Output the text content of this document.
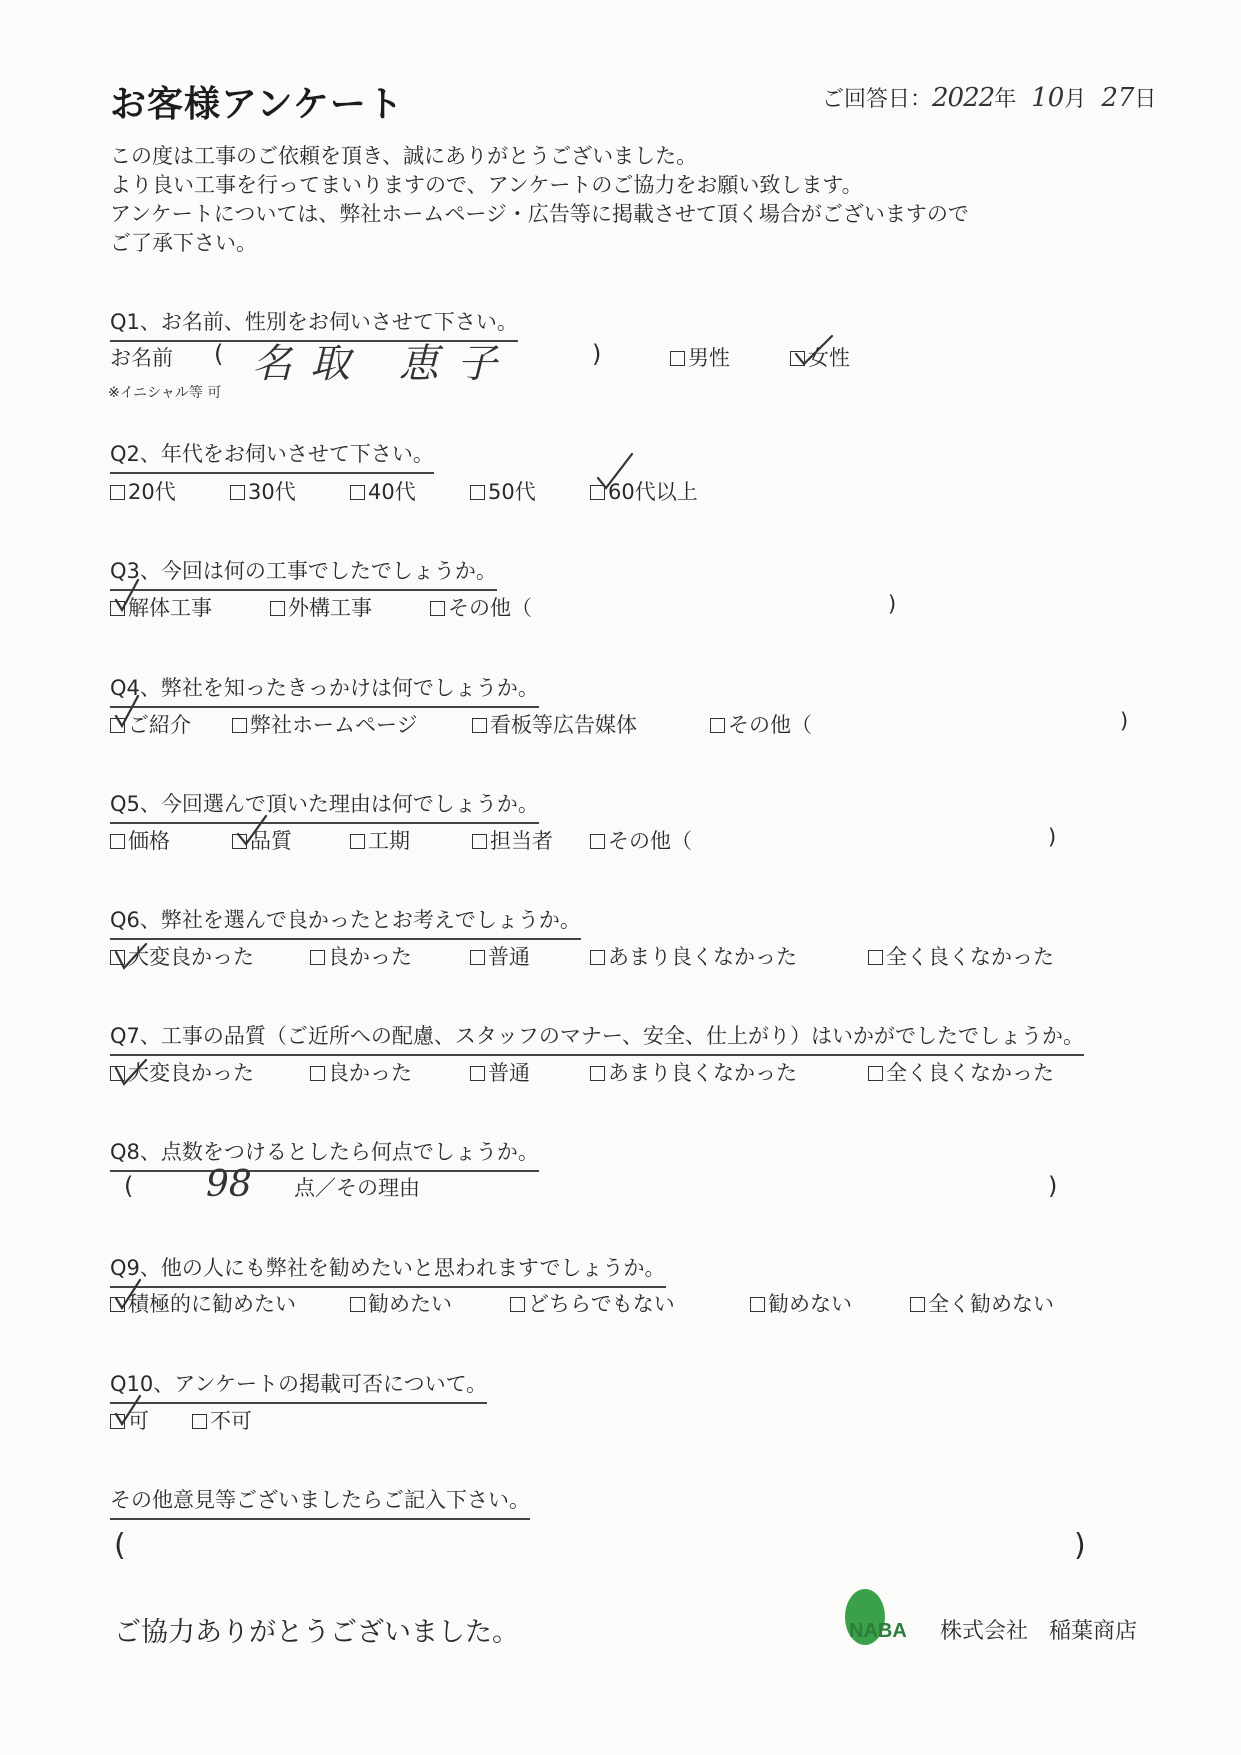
お客様アンケート	ご回答日：2022年 10月 27日
この度は工事のご依頼を頂き、誠にありがとうございました。
より良い工事を行ってまいりますので、アンケートのご協力をお願い致します。
アンケートについては、弊社ホームページ・広告等に掲載させて頂く場合がございますので
ご了承下さい。
Q1、お名前、性別をお伺いさせて下さい。
お名前 ( 名取 恵子	)	男性	女性
※イニシャル等 可
Q2、年代をお伺いさせて下さい。
20代	30代	40代	50代	60代以上
Q3、今回は何の工事でしたでしょうか。
解体工事	外構工事	その他（	)
Q4、弊社を知ったきっかけは何でしょうか。
ご紹介	弊社ホームページ	看板等広告媒体	その他（	)
Q5、今回選んで頂いた理由は何でしょうか。
価格	品質	工期	担当者	その他（	)
Q6、弊社を選んで良かったとお考えでしょうか。
大変良かった	良かった	普通	あまり良くなかった	全く良くなかった
Q7、工事の品質（ご近所への配慮、スタッフのマナー、安全、仕上がり）はいかがでしたでしょうか。
大変良かった	良かった	普通	あまり良くなかった	全く良くなかった
Q8、点数をつけるとしたら何点でしょうか。
( 98 点／その理由	)
Q9、他の人にも弊社を勧めたいと思われますでしょうか。
積極的に勧めたい	勧めたい	どちらでもない	勧めない	全く勧めない
Q10、アンケートの掲載可否について。
可	不可
その他意見等ございましたらご記入下さい。
(	)
ご協力ありがとうございました。	NABA 株式会社 稲葉商店
